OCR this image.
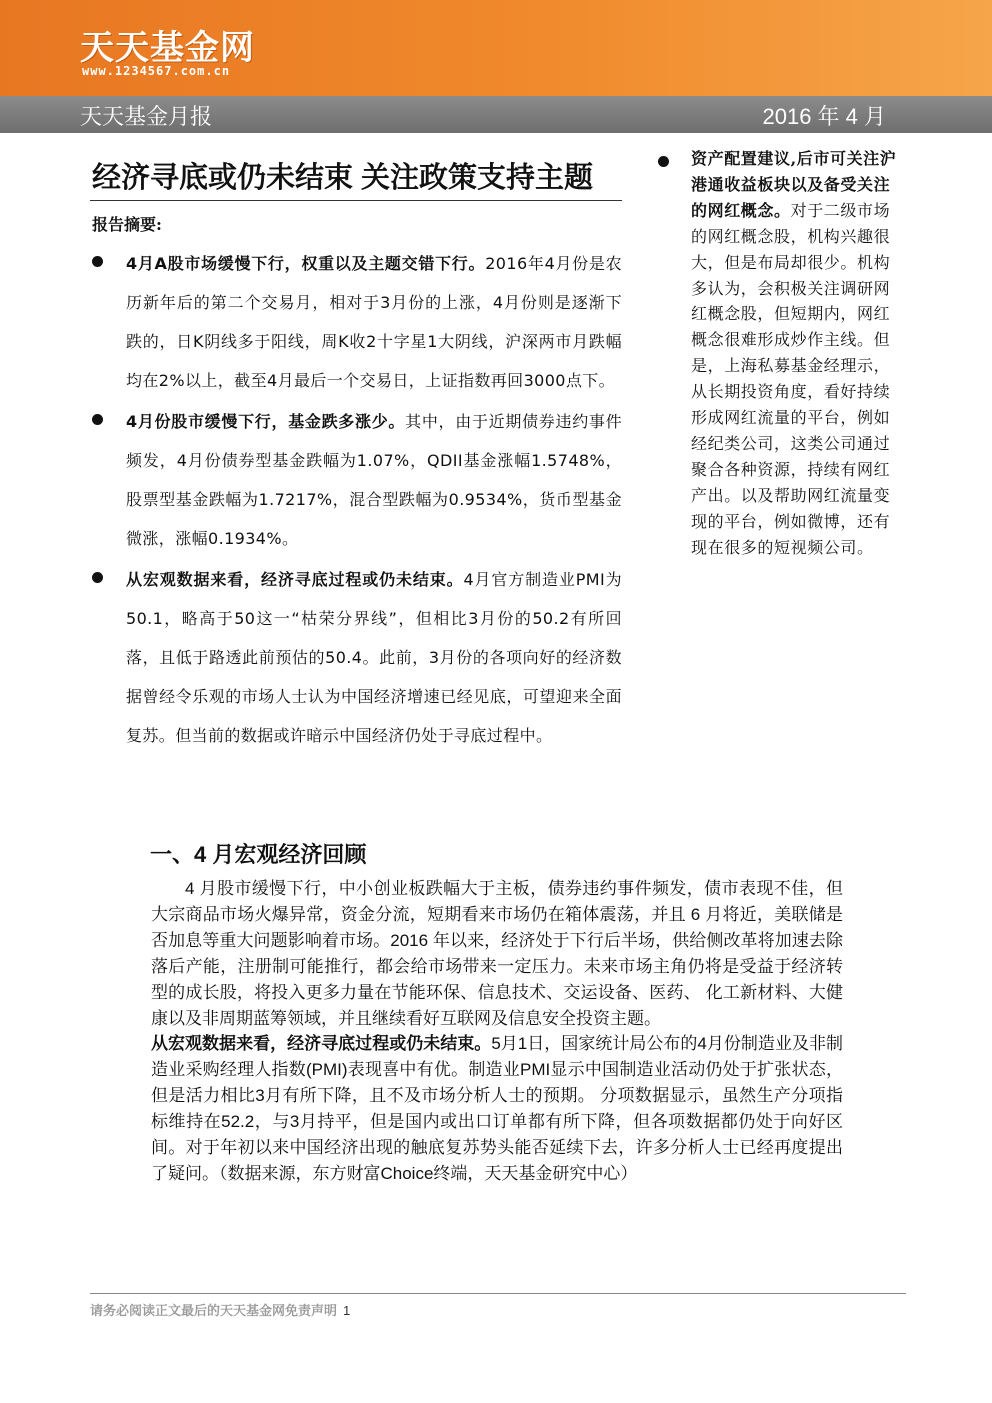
天天基金网
www.1234567.com.cn
天天基金月报	2016 年 4 月
经济寻底或仍未结束 关注政策支持主题
报告摘要:
4月A股市场缓慢下行，权重以及主题交错下行。2016年4月份是农历新年后的第二个交易月，相对于3月份的上涨，4月份则是逐渐下跌的，日K阴线多于阳线，周K收2十字星1大阴线，沪深两市月跌幅均在2%以上，截至4月最后一个交易日，上证指数再回3000点下。
4月份股市缓慢下行，基金跌多涨少。其中，由于近期债券违约事件频发，4月份债券型基金跌幅为1.07%，QDII基金涨幅1.5748%，股票型基金跌幅为1.7217%，混合型跌幅为0.9534%，货币型基金微涨，涨幅0.1934%。
从宏观数据来看，经济寻底过程或仍未结束。4月官方制造业PMI为50.1，略高于50这一“枯荣分界线”，但相比3月份的50.2有所回落，且低于路透此前预估的50.4。此前，3月份的各项向好的经济数据曾经令乐观的市场人士认为中国经济增速已经见底，可望迎来全面复苏。但当前的数据或许暗示中国经济仍处于寻底过程中。
资产配置建议,后市可关注沪港通收益板块以及备受关注的网红概念。对于二级市场的网红概念股，机构兴趣很大，但是布局却很少。机构多认为，会积极关注调研网红概念股，但短期内，网红概念很难形成炒作主线。但是，上海私募基金经理示，从长期投资角度，看好持续形成网红流量的平台，例如经纪类公司，这类公司通过聚合各种资源，持续有网红产出。以及帮助网红流量变现的平台，例如微博，还有现在很多的短视频公司。
一、4 月宏观经济回顾

4 月股市缓慢下行，中小创业板跌幅大于主板，债券违约事件频发，债市表现不佳，但大宗商品市场火爆异常，资金分流，短期看来市场仍在箱体震荡，并且 6 月将近，美联储是否加息等重大问题影响着市场。2016 年以来，经济处于下行后半场，供给侧改革将加速去除落后产能，注册制可能推行，都会给市场带来一定压力。未来市场主角仍将是受益于经济转型的成长股，将投入更多力量在节能环保、信息技术、交运设备、医药、 化工新材料、大健康以及非周期蓝筹领域，并且继续看好互联网及信息安全投资主题。

从宏观数据来看，经济寻底过程或仍未结束。5月1日，国家统计局公布的4月份制造业及非制造业采购经理人指数(PMI)表现喜中有优。制造业PMI显示中国制造业活动仍处于扩张状态，但是活力相比3月有所下降，且不及市场分析人士的预期。 分项数据显示，虽然生产分项指标维持在52.2，与3月持平，但是国内或出口订单都有所下降，但各项数据都仍处于向好区间。对于年初以来中国经济出现的触底复苏势头能否延续下去，许多分析人士已经再度提出了疑问。（数据来源，东方财富Choice终端，天天基金研究中心）

请务必阅读正文最后的天天基金网免责声明 1
